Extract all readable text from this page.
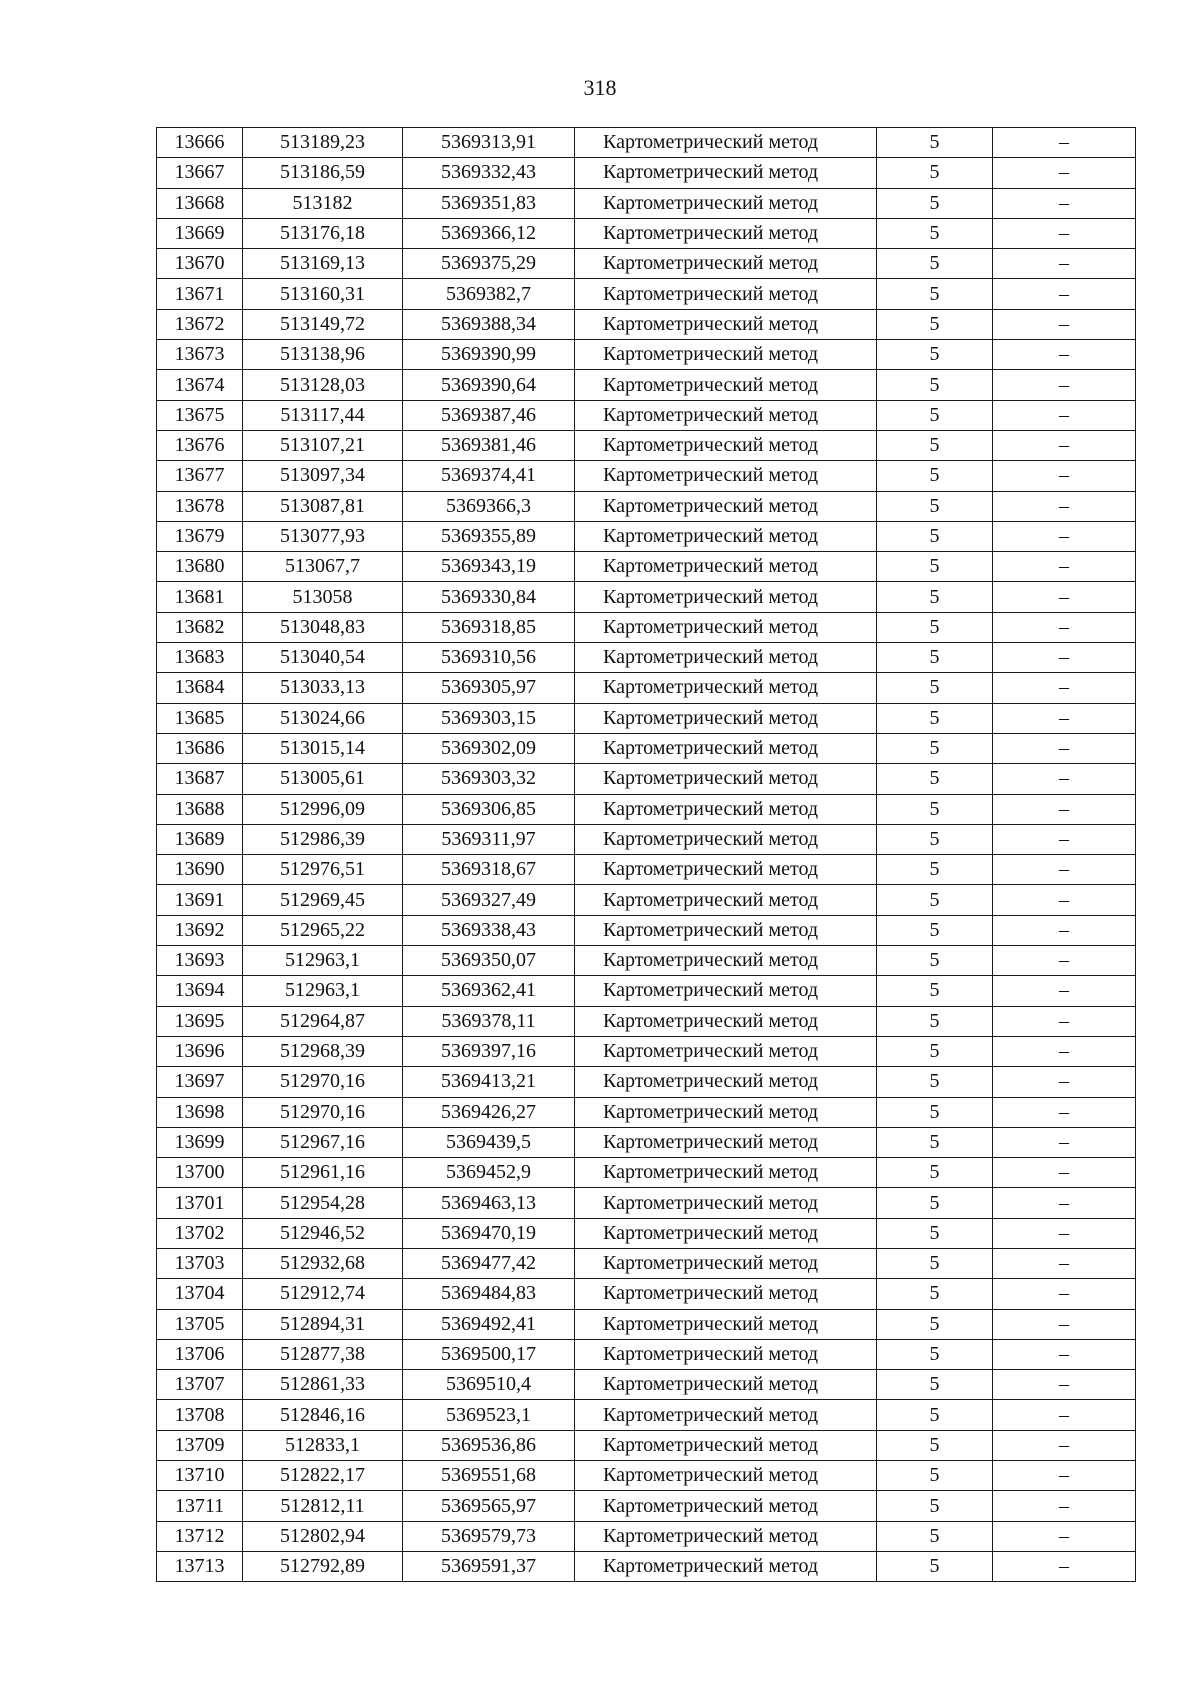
318
13666	513189,23	5369313,91	Картометрический метод	5	–
13667	513186,59	5369332,43	Картометрический метод	5	–
13668	513182	5369351,83	Картометрический метод	5	–
13669	513176,18	5369366,12	Картометрический метод	5	–
13670	513169,13	5369375,29	Картометрический метод	5	–
13671	513160,31	5369382,7	Картометрический метод	5	–
13672	513149,72	5369388,34	Картометрический метод	5	–
13673	513138,96	5369390,99	Картометрический метод	5	–
13674	513128,03	5369390,64	Картометрический метод	5	–
13675	513117,44	5369387,46	Картометрический метод	5	–
13676	513107,21	5369381,46	Картометрический метод	5	–
13677	513097,34	5369374,41	Картометрический метод	5	–
13678	513087,81	5369366,3	Картометрический метод	5	–
13679	513077,93	5369355,89	Картометрический метод	5	–
13680	513067,7	5369343,19	Картометрический метод	5	–
13681	513058	5369330,84	Картометрический метод	5	–
13682	513048,83	5369318,85	Картометрический метод	5	–
13683	513040,54	5369310,56	Картометрический метод	5	–
13684	513033,13	5369305,97	Картометрический метод	5	–
13685	513024,66	5369303,15	Картометрический метод	5	–
13686	513015,14	5369302,09	Картометрический метод	5	–
13687	513005,61	5369303,32	Картометрический метод	5	–
13688	512996,09	5369306,85	Картометрический метод	5	–
13689	512986,39	5369311,97	Картометрический метод	5	–
13690	512976,51	5369318,67	Картометрический метод	5	–
13691	512969,45	5369327,49	Картометрический метод	5	–
13692	512965,22	5369338,43	Картометрический метод	5	–
13693	512963,1	5369350,07	Картометрический метод	5	–
13694	512963,1	5369362,41	Картометрический метод	5	–
13695	512964,87	5369378,11	Картометрический метод	5	–
13696	512968,39	5369397,16	Картометрический метод	5	–
13697	512970,16	5369413,21	Картометрический метод	5	–
13698	512970,16	5369426,27	Картометрический метод	5	–
13699	512967,16	5369439,5	Картометрический метод	5	–
13700	512961,16	5369452,9	Картометрический метод	5	–
13701	512954,28	5369463,13	Картометрический метод	5	–
13702	512946,52	5369470,19	Картометрический метод	5	–
13703	512932,68	5369477,42	Картометрический метод	5	–
13704	512912,74	5369484,83	Картометрический метод	5	–
13705	512894,31	5369492,41	Картометрический метод	5	–
13706	512877,38	5369500,17	Картометрический метод	5	–
13707	512861,33	5369510,4	Картометрический метод	5	–
13708	512846,16	5369523,1	Картометрический метод	5	–
13709	512833,1	5369536,86	Картометрический метод	5	–
13710	512822,17	5369551,68	Картометрический метод	5	–
13711	512812,11	5369565,97	Картометрический метод	5	–
13712	512802,94	5369579,73	Картометрический метод	5	–
13713	512792,89	5369591,37	Картометрический метод	5	–
